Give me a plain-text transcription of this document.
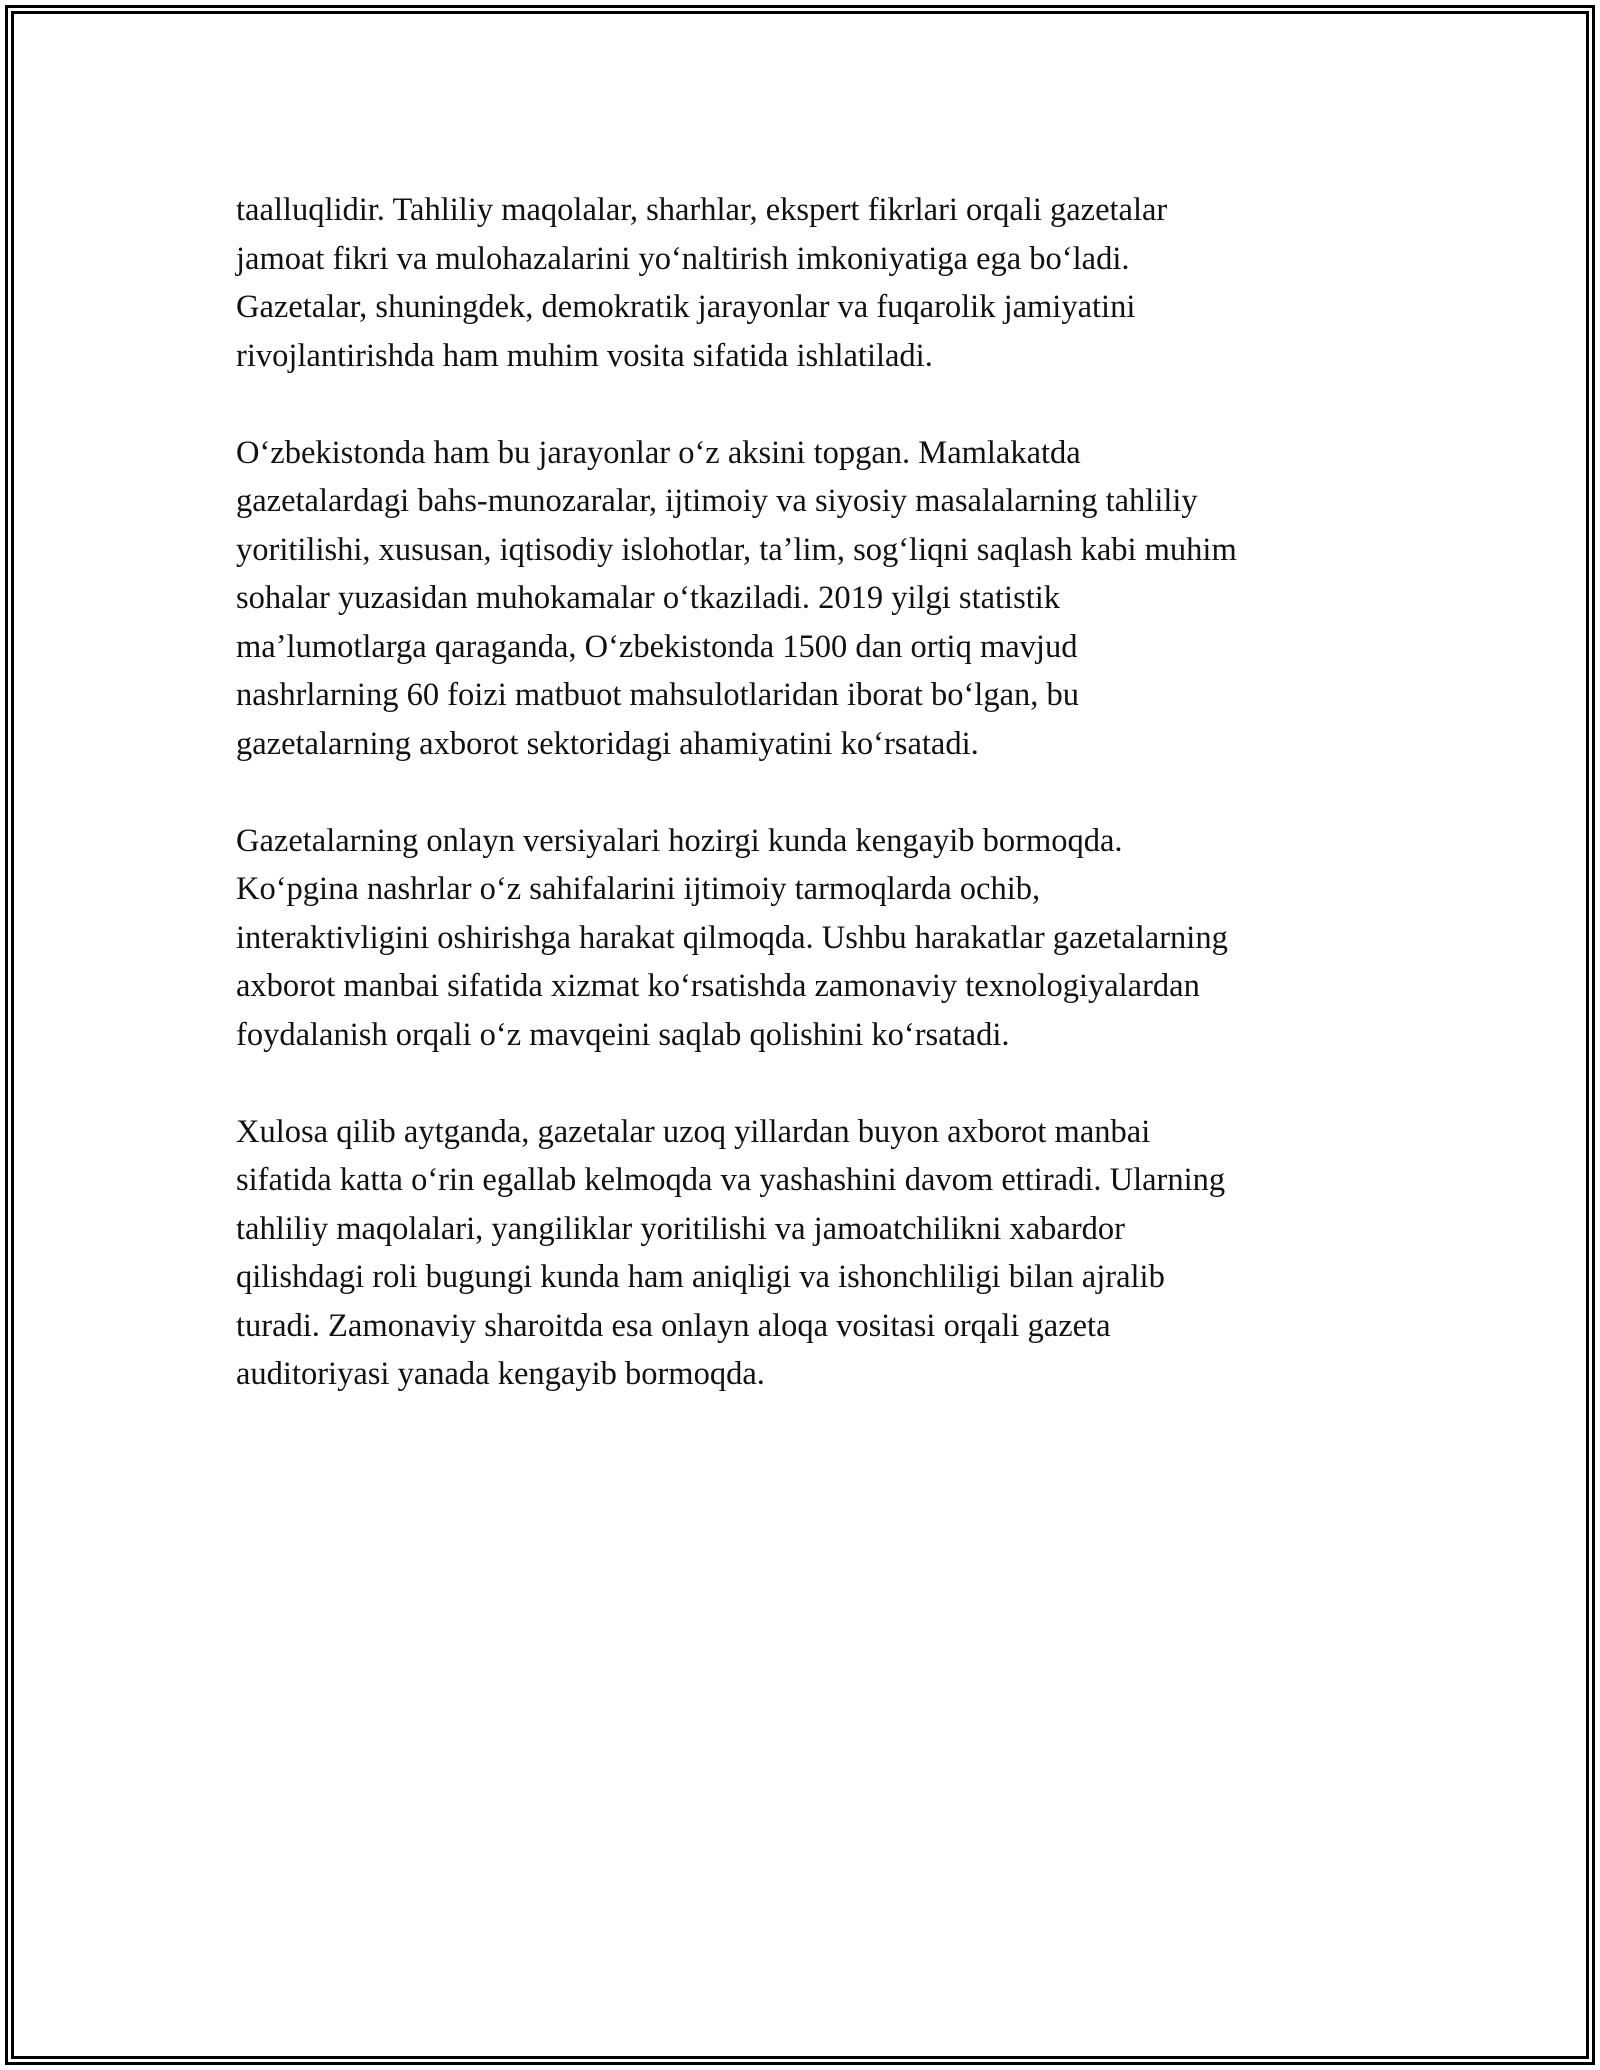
taalluqlidir. Tahliliy maqolalar, sharhlar, ekspert fikrlari orqali gazetalar
jamoat fikri va mulohazalarini yoʻnaltirish imkoniyatiga ega boʻladi.
Gazetalar, shuningdek, demokratik jarayonlar va fuqarolik jamiyatini
rivojlantirishda ham muhim vosita sifatida ishlatiladi.

Oʻzbekistonda ham bu jarayonlar oʻz aksini topgan. Mamlakatda
gazetalardagi bahs-munozaralar, ijtimoiy va siyosiy masalalarning tahliliy
yoritilishi, xususan, iqtisodiy islohotlar, taʼlim, sogʻliqni saqlash kabi muhim
sohalar yuzasidan muhokamalar oʻtkaziladi. 2019 yilgi statistik
maʼlumotlarga qaraganda, Oʻzbekistonda 1500 dan ortiq mavjud
nashrlarning 60 foizi matbuot mahsulotlaridan iborat boʻlgan, bu
gazetalarning axborot sektoridagi ahamiyatini koʻrsatadi.

Gazetalarning onlayn versiyalari hozirgi kunda kengayib bormoqda.
Koʻpgina nashrlar oʻz sahifalarini ijtimoiy tarmoqlarda ochib,
interaktivligini oshirishga harakat qilmoqda. Ushbu harakatlar gazetalarning
axborot manbai sifatida xizmat koʻrsatishda zamonaviy texnologiyalardan
foydalanish orqali oʻz mavqeini saqlab qolishini koʻrsatadi.

Xulosa qilib aytganda, gazetalar uzoq yillardan buyon axborot manbai
sifatida katta oʻrin egallab kelmoqda va yashashini davom ettiradi. Ularning
tahliliy maqolalari, yangiliklar yoritilishi va jamoatchilikni xabardor
qilishdagi roli bugungi kunda ham aniqligi va ishonchliligi bilan ajralib
turadi. Zamonaviy sharoitda esa onlayn aloqa vositasi orqali gazeta
auditoriyasi yanada kengayib bormoqda.
